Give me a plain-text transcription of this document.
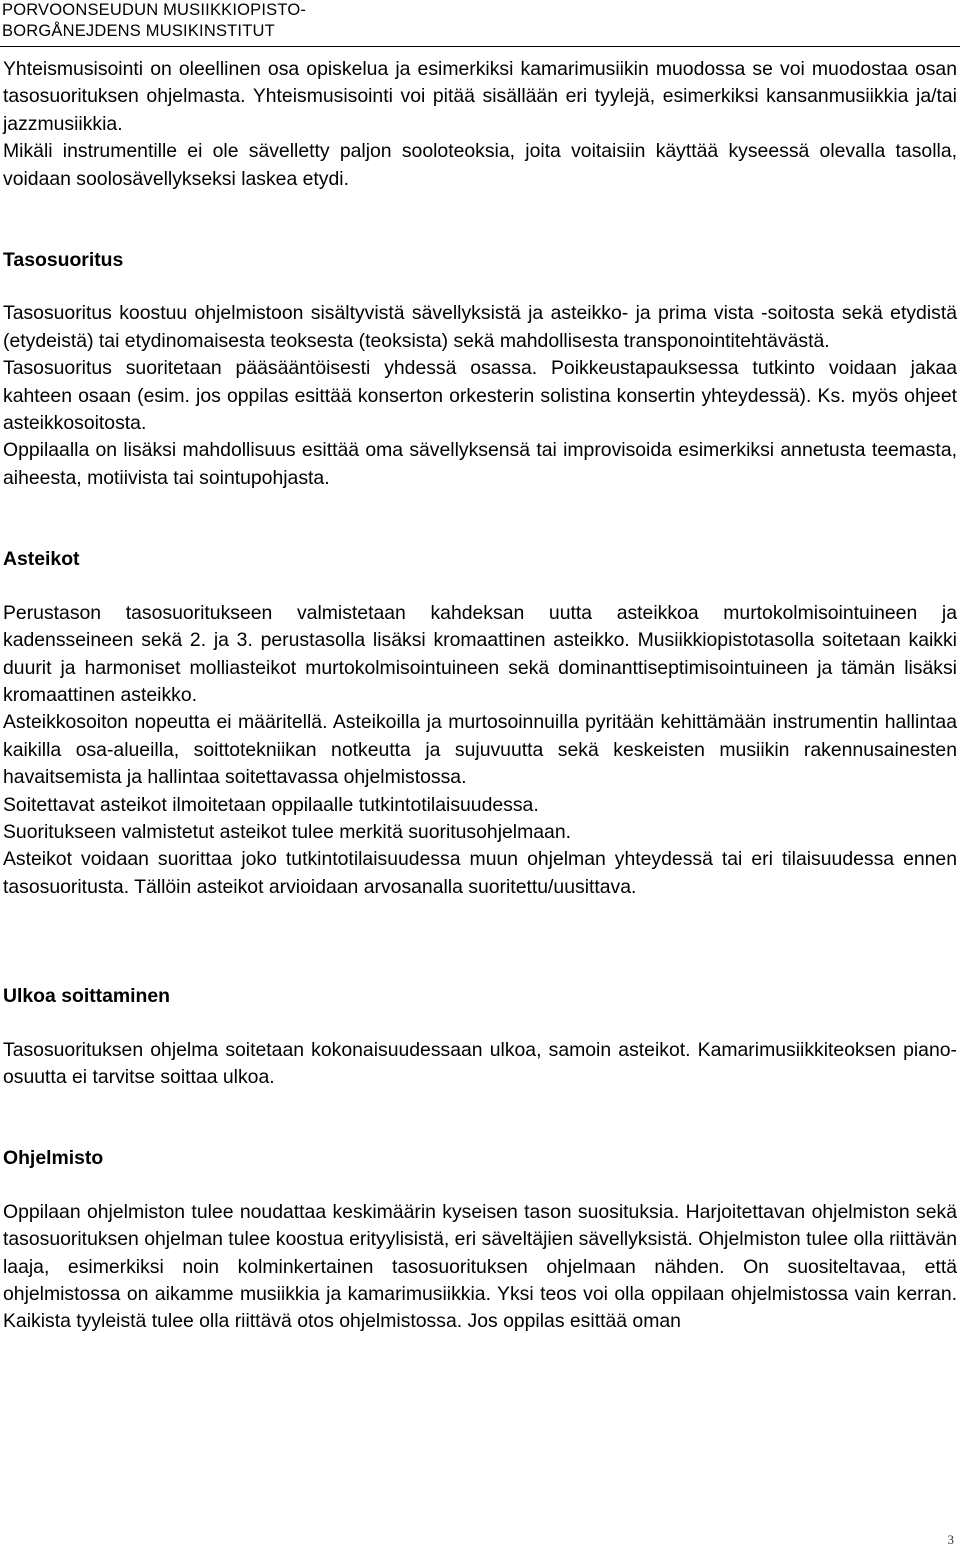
PORVOONSEUDUN MUSIIKKIOPISTO-
BORGÅNEJDENS MUSIKINSTITUT

Yhteismusisointi on oleellinen osa opiskelua ja esimerkiksi kamarimusiikin muodossa se voi muodostaa osan tasosuorituksen ohjelmasta. Yhteismusisointi voi pitää sisällään eri tyylejä, esimerkiksi kansanmusiikkia ja/tai jazzmusiikkia.

Mikäli instrumentille ei ole sävelletty paljon sooloteoksia, joita voitaisiin käyttää kyseessä olevalla tasolla, voidaan soolosävellykseksi laskea etydi.

Tasosuoritus

Tasosuoritus koostuu ohjelmistoon sisältyvistä sävellyksistä ja asteikko- ja prima vista -soitosta sekä etydistä (etydeistä) tai etydinomaisesta teoksesta (teoksista) sekä mahdollisesta transponointitehtävästä.

Tasosuoritus suoritetaan pääsääntöisesti yhdessä osassa. Poikkeustapauksessa tutkinto voidaan jakaa kahteen osaan (esim. jos oppilas esittää konserton orkesterin solistina konsertin yhteydessä). Ks. myös ohjeet asteikkosoitosta.

Oppilaalla on lisäksi mahdollisuus esittää oma sävellyksensä tai improvisoida esimerkiksi annetusta teemasta, aiheesta, motiivista tai sointupohjasta.

Asteikot

Perustason tasosuoritukseen valmistetaan kahdeksan uutta asteikkoa murtokolmisointuineen ja kadensseineen sekä 2. ja 3. perustasolla lisäksi kromaattinen asteikko. Musiikkiopistotasolla soitetaan kaikki duurit ja harmoniset molliasteikot murtokolmisointuineen sekä dominanttiseptimisointuineen ja tämän lisäksi kromaattinen asteikko.

Asteikkosoiton nopeutta ei määritellä. Asteikoilla ja murtosoinnuilla pyritään kehittämään instrumentin hallintaa kaikilla osa-alueilla, soittotekniikan notkeutta ja sujuvuutta sekä keskeisten musiikin rakennusainesten havaitsemista ja hallintaa soitettavassa ohjelmistossa.

Soitettavat asteikot ilmoitetaan oppilaalle tutkintotilaisuudessa.

Suoritukseen valmistetut asteikot tulee merkitä suoritusohjelmaan.

Asteikot voidaan suorittaa joko tutkintotilaisuudessa muun ohjelman yhteydessä tai eri tilaisuudessa ennen tasosuoritusta. Tällöin asteikot arvioidaan arvosanalla suoritettu/uusittava.

Ulkoa soittaminen

Tasosuorituksen ohjelma soitetaan kokonaisuudessaan ulkoa, samoin asteikot. Kamarimusiikkiteoksen piano-osuutta ei tarvitse soittaa ulkoa.

Ohjelmisto

Oppilaan ohjelmiston tulee noudattaa keskimäärin kyseisen tason suosituksia. Harjoitettavan ohjelmiston sekä tasosuorituksen ohjelman tulee koostua erityylisistä, eri säveltäjien sävellyksistä. Ohjelmiston tulee olla riittävän laaja, esimerkiksi noin kolminkertainen tasosuorituksen ohjelmaan nähden. On suositeltavaa, että ohjelmistossa on aikamme musiikkia ja kamarimusiikkia. Yksi teos voi olla oppilaan ohjelmistossa vain kerran. Kaikista tyyleistä tulee olla riittävä otos ohjelmistossa. Jos oppilas esittää oman

3
